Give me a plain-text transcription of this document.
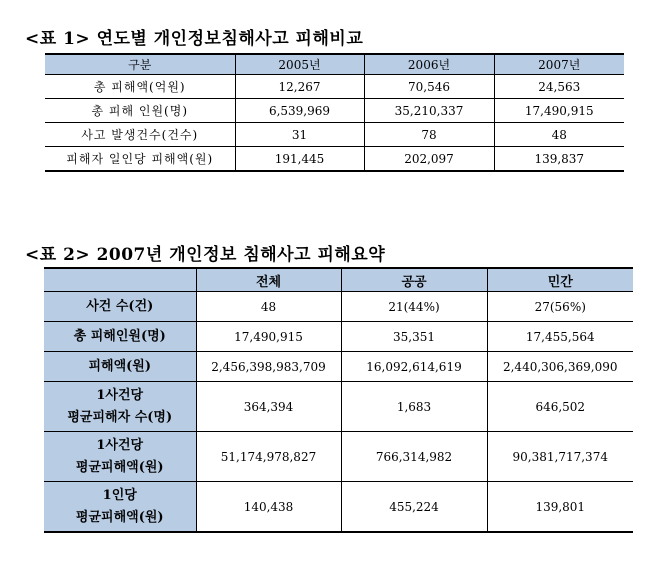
<표 1> 연도별 개인정보침해사고 피해비교
구분	2005년	2006년	2007년
총 피해액(억원)	12,267	70,546	24,563
총 피해 인원(명)	6,539,969	35,210,337	17,490,915
사고 발생건수(건수)	31	78	48
피해자 일인당 피해액(원)	191,445	202,097	139,837
<표 2> 2007년 개인정보 침해사고 피해요약
	전체	공공	민간

사건 수(건)	48	21(44%)	27(56%)

총 피해인원(명)	17,490,915	35,351	17,455,564

피해액(원)	2,456,398,983,709	16,092,614,619	2,440,306,369,090

1사건당
평균피해자 수(명)	364,394	1,683	646,502

1사건당
평균피해액(원)	51,174,978,827	766,314,982	90,381,717,374

1인당
평균피해액(원)	140,438	455,224	139,801
